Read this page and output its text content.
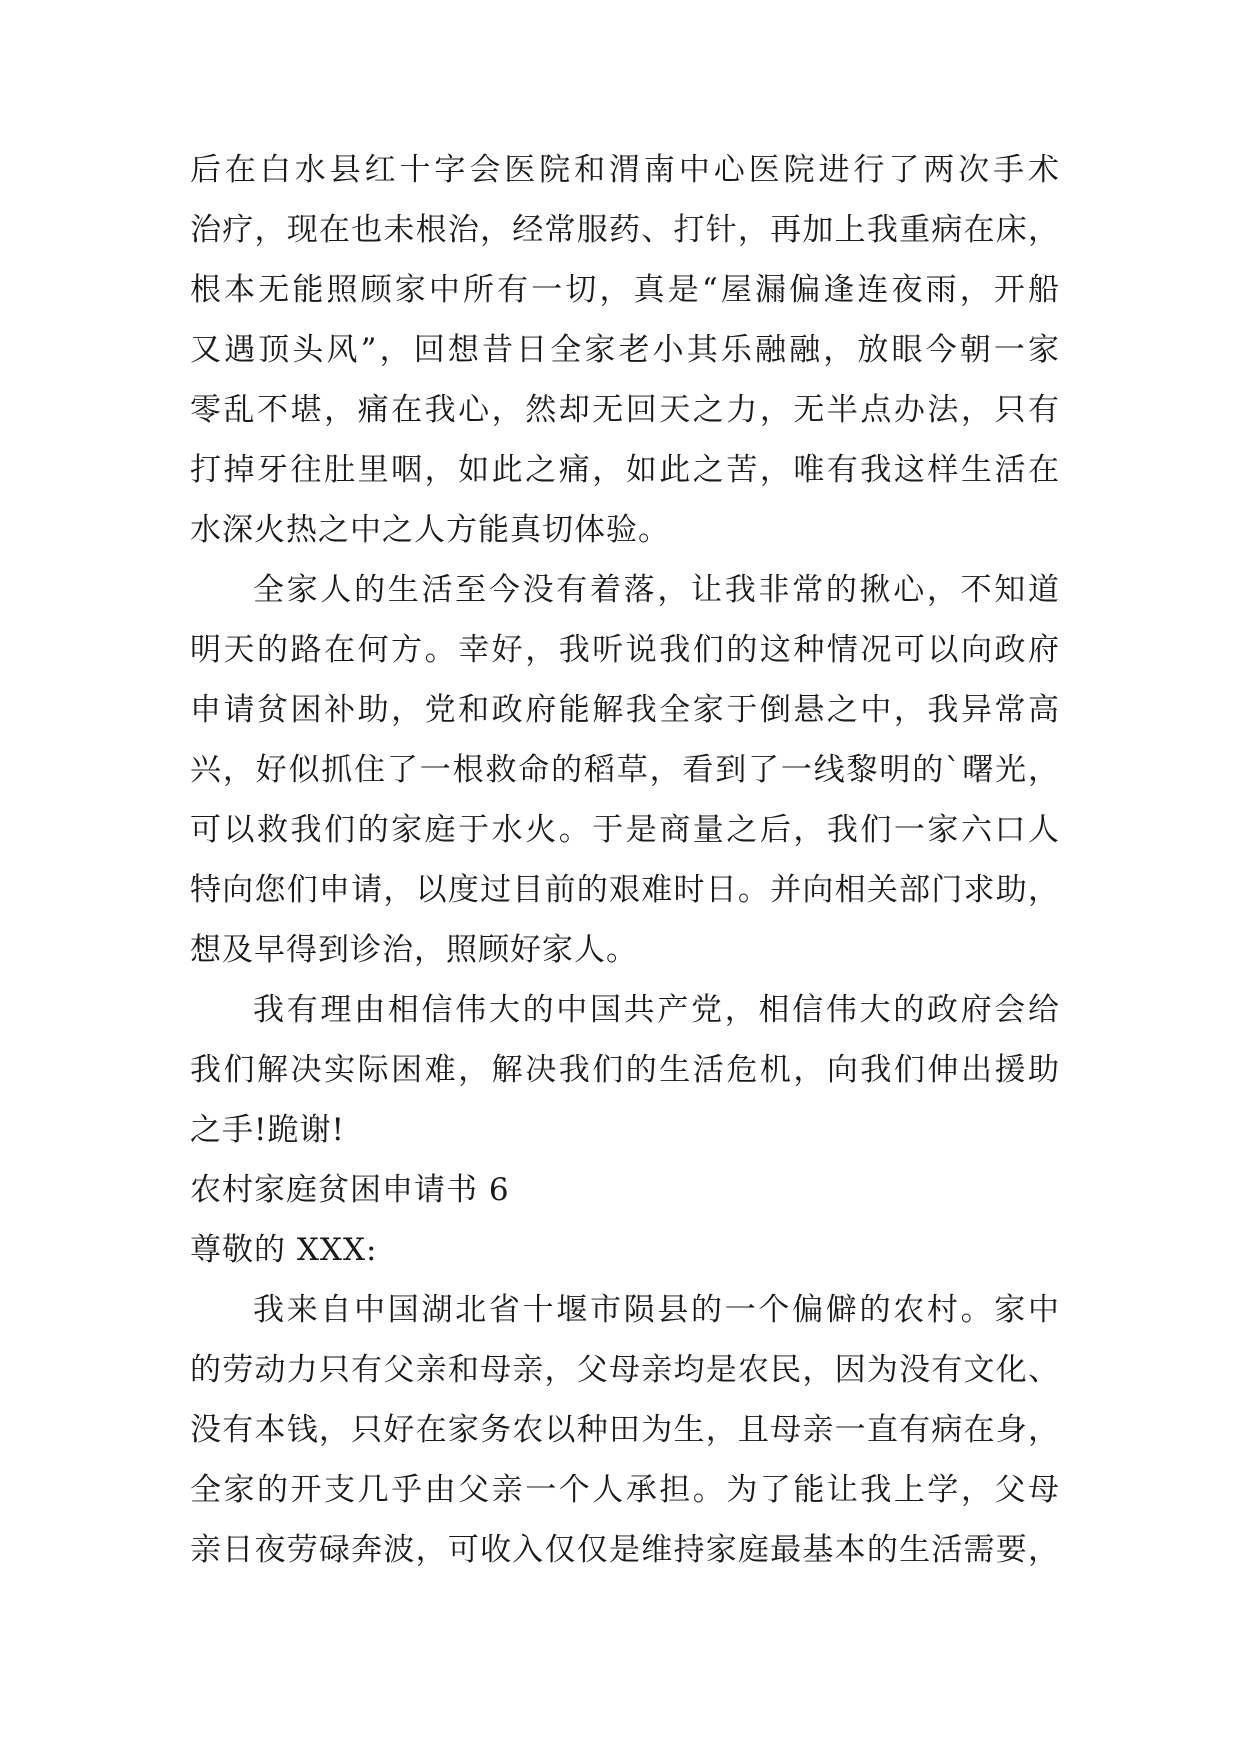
后在白水县红十字会医院和渭南中心医院进行了两次手术
治疗，现在也未根治，经常服药、打针，再加上我重病在床，
根本无能照顾家中所有一切，真是“屋漏偏逢连夜雨，开船
又遇顶头风”，回想昔日全家老小其乐融融，放眼今朝一家
零乱不堪，痛在我心，然却无回天之力，无半点办法，只有
打掉牙往肚里咽，如此之痛，如此之苦，唯有我这样生活在
水深火热之中之人方能真切体验。
全家人的生活至今没有着落，让我非常的揪心，不知道
明天的路在何方。幸好，我听说我们的这种情况可以向政府
申请贫困补助，党和政府能解我全家于倒悬之中，我异常高
兴，好似抓住了一根救命的稻草，看到了一线黎明的`曙光，
可以救我们的家庭于水火。于是商量之后，我们一家六口人
特向您们申请，以度过目前的艰难时日。并向相关部门求助，
想及早得到诊治，照顾好家人。
我有理由相信伟大的中国共产党，相信伟大的政府会给
我们解决实际困难，解决我们的生活危机，向我们伸出援助
之手!跪谢!
农村家庭贫困申请书 6
尊敬的 XXX:
我来自中国湖北省十堰市陨县的一个偏僻的农村。家中
的劳动力只有父亲和母亲，父母亲均是农民，因为没有文化、
没有本钱，只好在家务农以种田为生，且母亲一直有病在身，
全家的开支几乎由父亲一个人承担。为了能让我上学，父母
亲日夜劳碌奔波，可收入仅仅是维持家庭最基本的生活需要，
